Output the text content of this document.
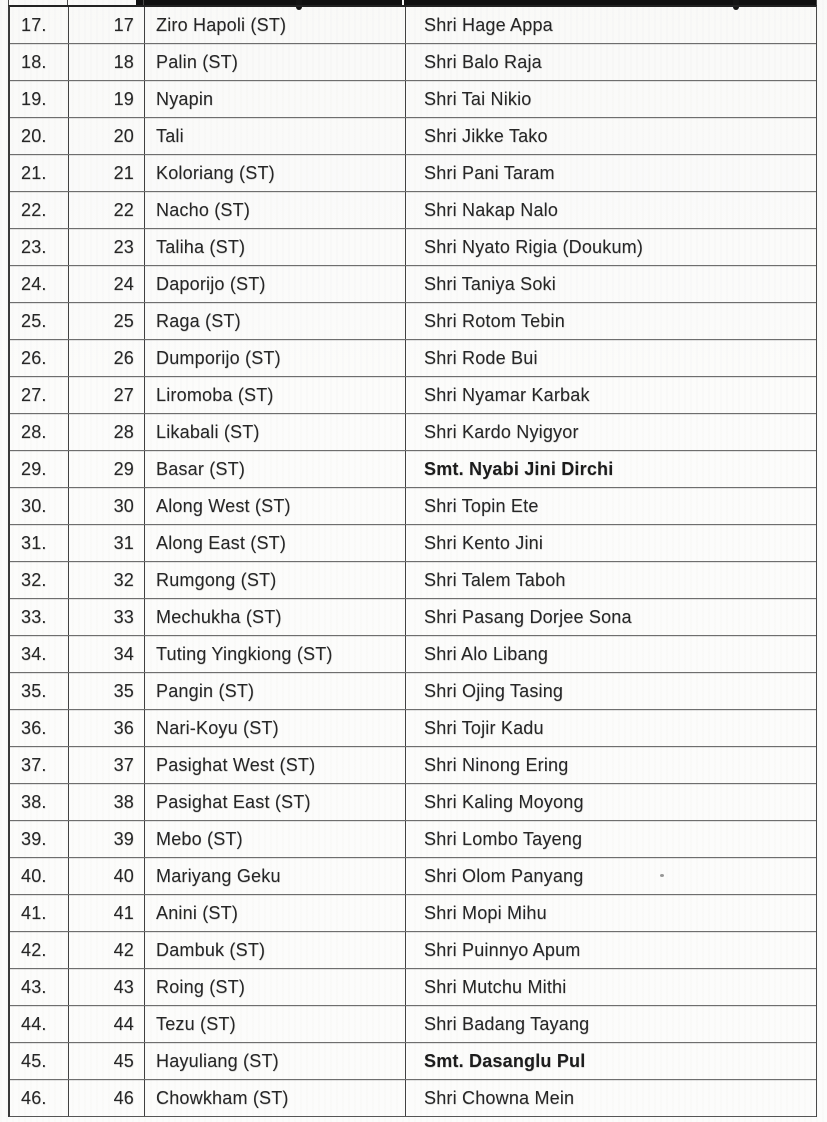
17.	17	Ziro Hapoli (ST)	Shri Hage Appa
18.	18	Palin (ST)	Shri Balo Raja
19.	19	Nyapin	Shri Tai Nikio
20.	20	Tali	Shri Jikke Tako
21.	21	Koloriang (ST)	Shri Pani Taram
22.	22	Nacho (ST)	Shri Nakap Nalo
23.	23	Taliha (ST)	Shri Nyato Rigia (Doukum)
24.	24	Daporijo (ST)	Shri Taniya Soki
25.	25	Raga (ST)	Shri Rotom Tebin
26.	26	Dumporijo (ST)	Shri Rode Bui
27.	27	Liromoba (ST)	Shri Nyamar Karbak
28.	28	Likabali (ST)	Shri Kardo Nyigyor
29.	29	Basar (ST)	Smt. Nyabi Jini Dirchi
30.	30	Along West (ST)	Shri Topin Ete
31.	31	Along East (ST)	Shri Kento Jini
32.	32	Rumgong (ST)	Shri Talem Taboh
33.	33	Mechukha (ST)	Shri Pasang Dorjee Sona
34.	34	Tuting Yingkiong (ST)	Shri Alo Libang
35.	35	Pangin (ST)	Shri Ojing Tasing
36.	36	Nari-Koyu (ST)	Shri Tojir Kadu
37.	37	Pasighat West (ST)	Shri Ninong Ering
38.	38	Pasighat East (ST)	Shri Kaling Moyong
39.	39	Mebo (ST)	Shri Lombo Tayeng
40.	40	Mariyang Geku	Shri Olom Panyang
41.	41	Anini (ST)	Shri Mopi Mihu
42.	42	Dambuk (ST)	Shri Puinnyo Apum
43.	43	Roing (ST)	Shri Mutchu Mithi
44.	44	Tezu (ST)	Shri Badang Tayang
45.	45	Hayuliang (ST)	Smt. Dasanglu Pul
46.	46	Chowkham (ST)	Shri Chowna Mein
